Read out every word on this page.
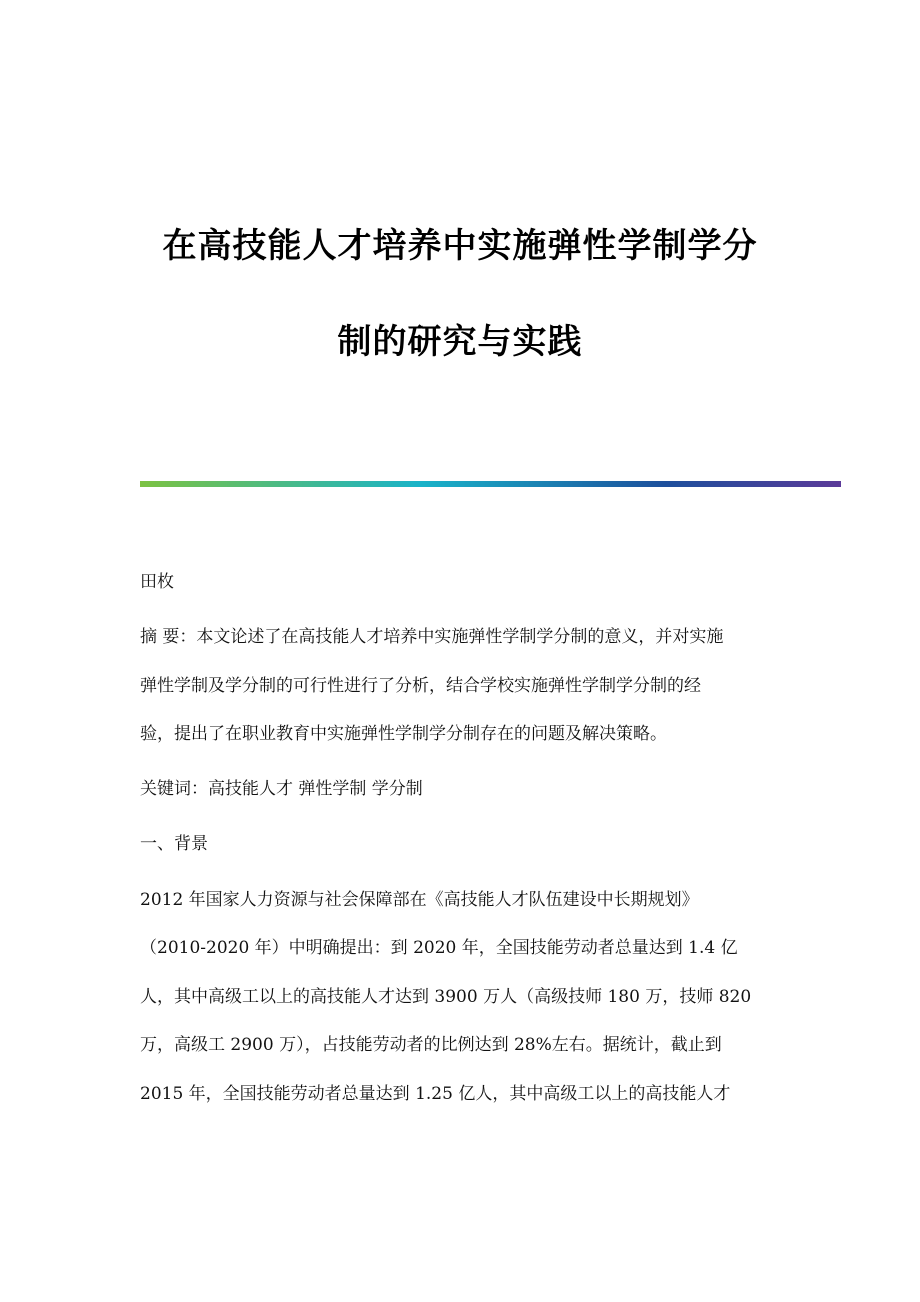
在高技能人才培养中实施弹性学制学分
制的研究与实践
田枚
摘 要：本文论述了在高技能人才培养中实施弹性学制学分制的意义，并对实施
弹性学制及学分制的可行性进行了分析，结合学校实施弹性学制学分制的经
验，提出了在职业教育中实施弹性学制学分制存在的问题及解决策略。
关键词：高技能人才 弹性学制 学分制
一、背景
2012 年国家人力资源与社会保障部在《高技能人才队伍建设中长期规划》
（2010-2020 年）中明确提出：到 2020 年，全国技能劳动者总量达到 1.4 亿
人，其中高级工以上的高技能人才达到 3900 万人（高级技师 180 万，技师 820
万，高级工 2900 万），占技能劳动者的比例达到 28%左右。据统计，截止到
2015 年，全国技能劳动者总量达到 1.25 亿人，其中高级工以上的高技能人才
